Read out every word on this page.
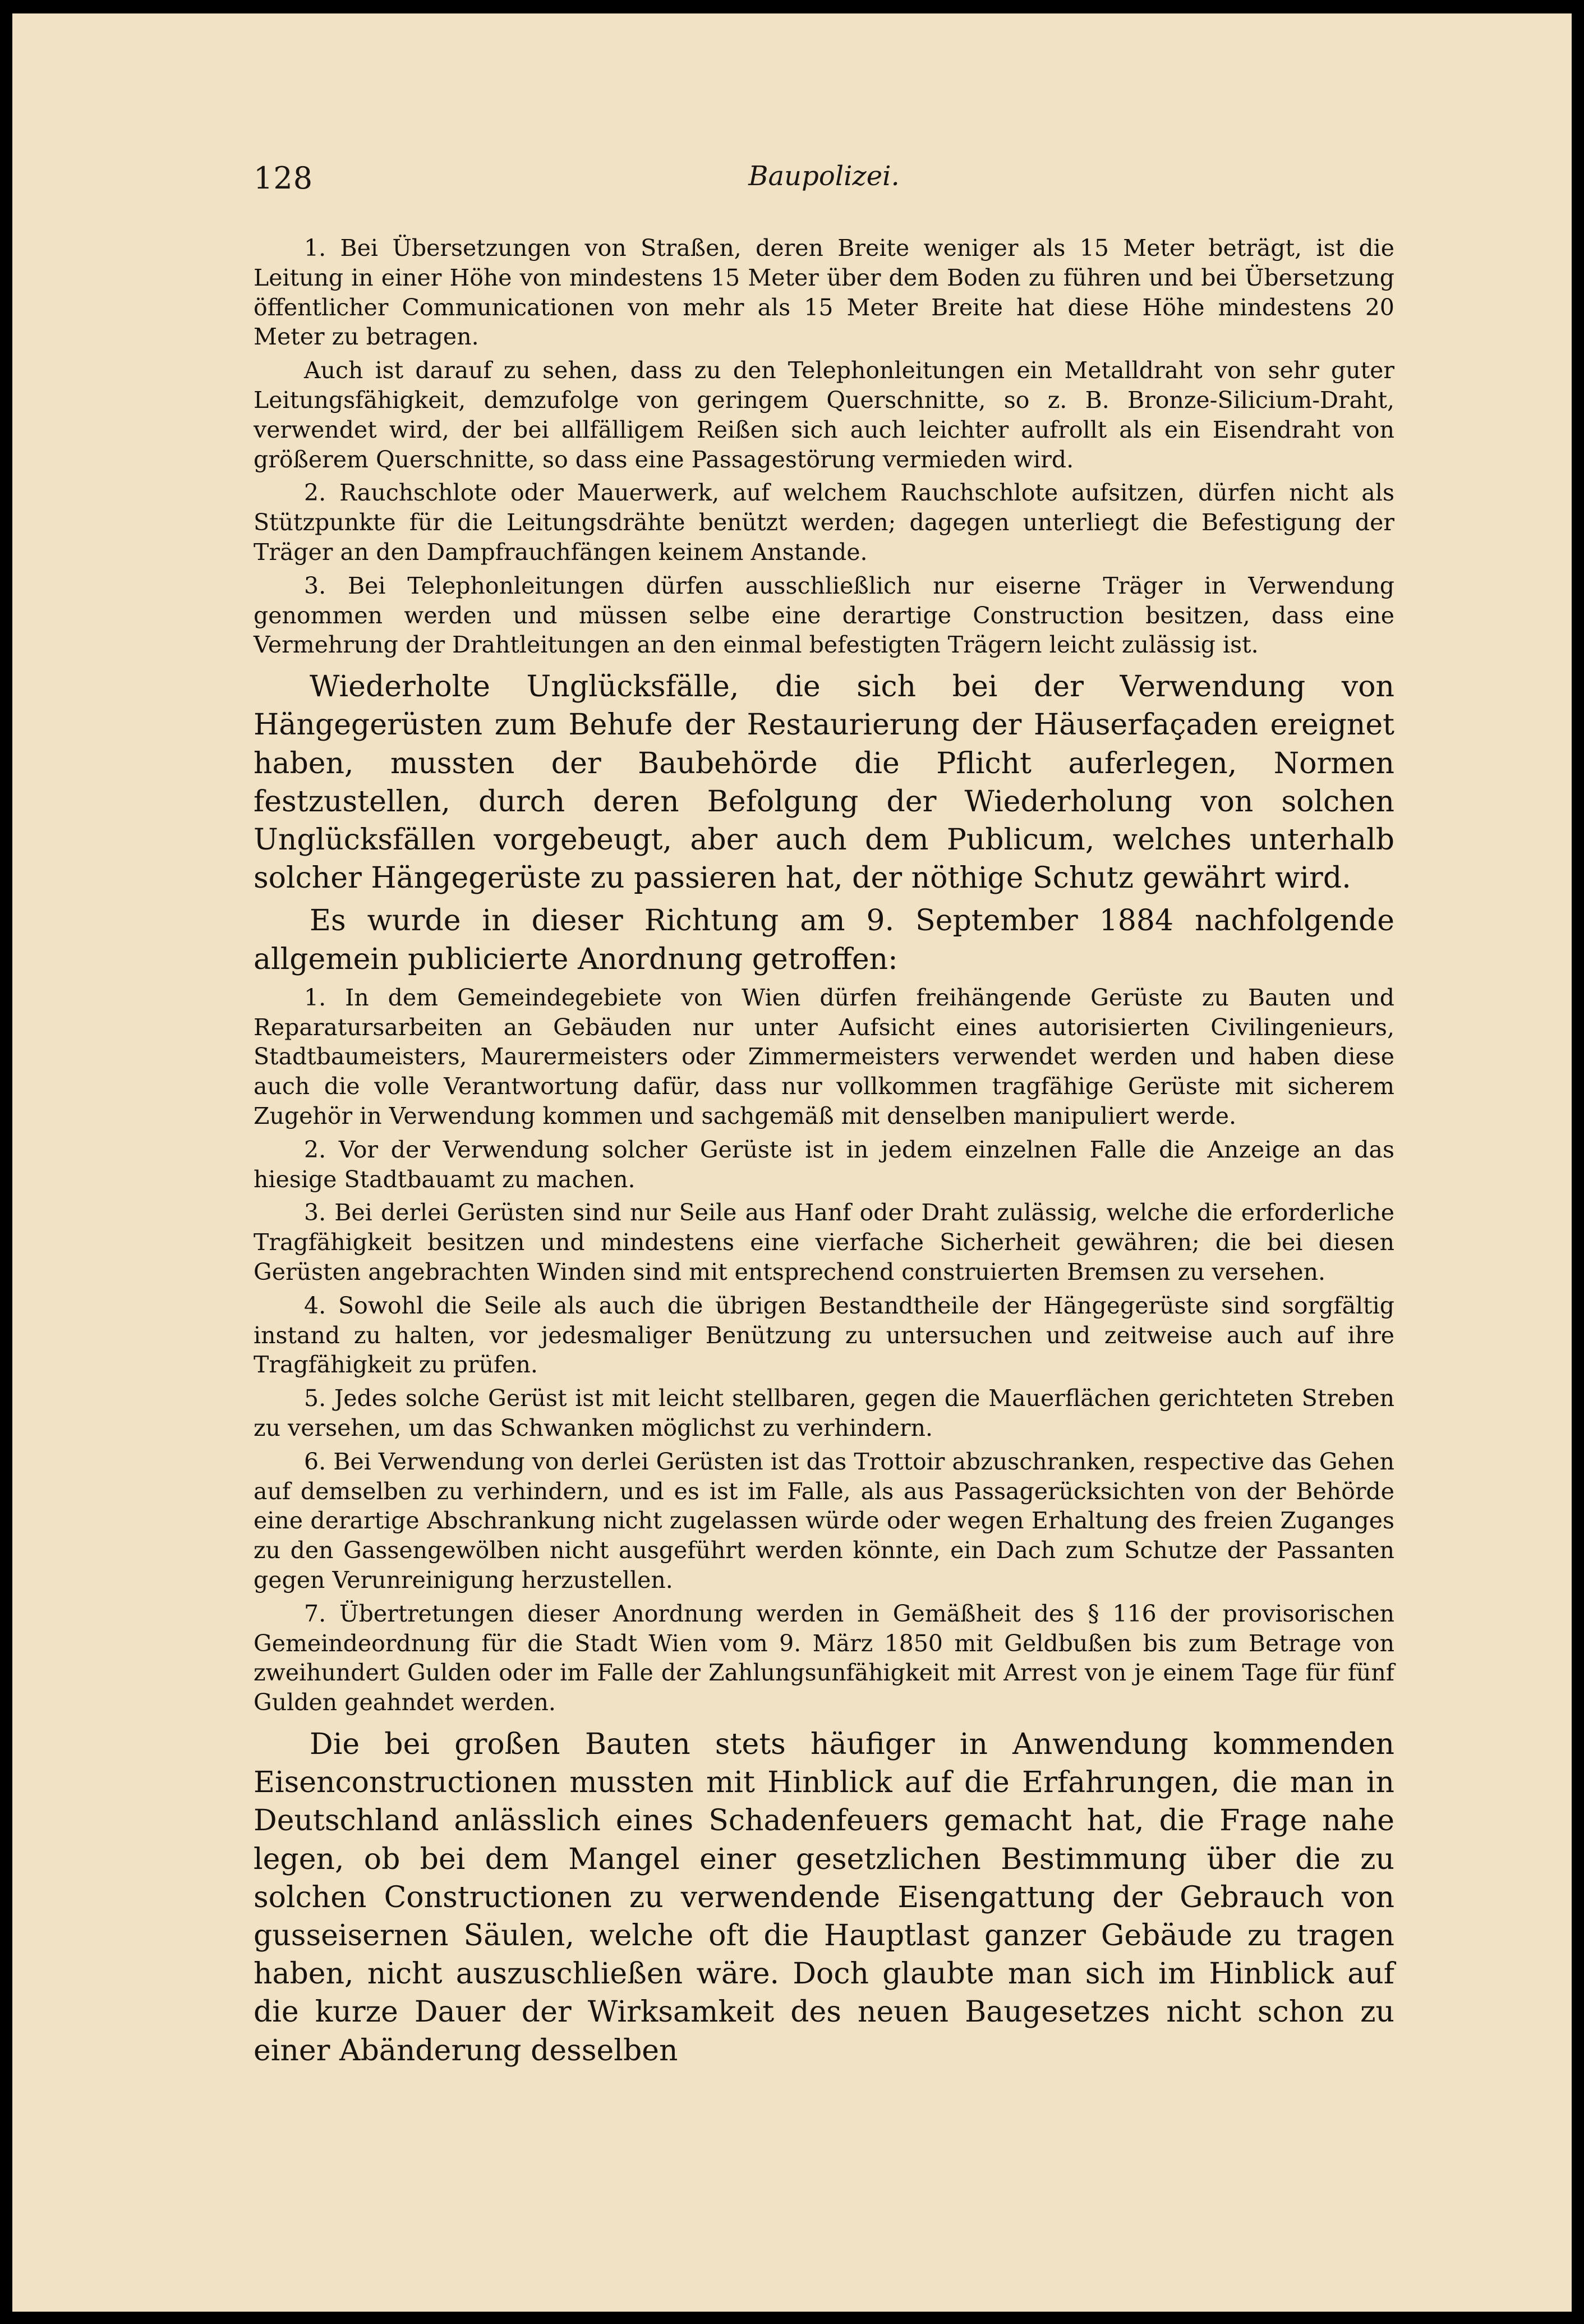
128	Baupolizei.

1. Bei Übersetzungen von Straßen, deren Breite weniger als 15 Meter beträgt, ist die Leitung in einer Höhe von mindestens 15 Meter über dem Boden zu führen und bei Übersetzung öffentlicher Communicationen von mehr als 15 Meter Breite hat diese Höhe mindestens 20 Meter zu betragen.

Auch ist darauf zu sehen, dass zu den Telephonleitungen ein Metalldraht von sehr guter Leitungsfähigkeit, demzufolge von geringem Querschnitte, so z. B. Bronze-Silicium-Draht, verwendet wird, der bei allfälligem Reißen sich auch leichter aufrollt als ein Eisendraht von größerem Querschnitte, so dass eine Passagestörung vermieden wird.

2. Rauchschlote oder Mauerwerk, auf welchem Rauchschlote aufsitzen, dürfen nicht als Stützpunkte für die Leitungsdrähte benützt werden; dagegen unterliegt die Befestigung der Träger an den Dampfrauchfängen keinem Anstande.

3. Bei Telephonleitungen dürfen ausschließlich nur eiserne Träger in Verwendung genommen werden und müssen selbe eine derartige Construction besitzen, dass eine Vermehrung der Drahtleitungen an den einmal befestigten Trägern leicht zulässig ist.

Wiederholte Unglücksfälle, die sich bei der Verwendung von Hängegerüsten zum Behufe der Restaurierung der Häuserfaçaden ereignet haben, mussten der Baubehörde die Pflicht auferlegen, Normen festzustellen, durch deren Befolgung der Wiederholung von solchen Unglücksfällen vorgebeugt, aber auch dem Publicum, welches unterhalb solcher Hängegerüste zu passieren hat, der nöthige Schutz gewährt wird.

Es wurde in dieser Richtung am 9. September 1884 nachfolgende allgemein publicierte Anordnung getroffen:

1. In dem Gemeindegebiete von Wien dürfen freihängende Gerüste zu Bauten und Reparatursarbeiten an Gebäuden nur unter Aufsicht eines autorisierten Civilingenieurs, Stadtbaumeisters, Maurermeisters oder Zimmermeisters verwendet werden und haben diese auch die volle Verantwortung dafür, dass nur vollkommen tragfähige Gerüste mit sicherem Zugehör in Verwendung kommen und sachgemäß mit denselben manipuliert werde.

2. Vor der Verwendung solcher Gerüste ist in jedem einzelnen Falle die Anzeige an das hiesige Stadtbauamt zu machen.

3. Bei derlei Gerüsten sind nur Seile aus Hanf oder Draht zulässig, welche die erforderliche Tragfähigkeit besitzen und mindestens eine vierfache Sicherheit gewähren; die bei diesen Gerüsten angebrachten Winden sind mit entsprechend construierten Bremsen zu versehen.

4. Sowohl die Seile als auch die übrigen Bestandtheile der Hängegerüste sind sorgfältig instand zu halten, vor jedesmaliger Benützung zu untersuchen und zeitweise auch auf ihre Tragfähigkeit zu prüfen.

5. Jedes solche Gerüst ist mit leicht stellbaren, gegen die Mauerflächen gerichteten Streben zu versehen, um das Schwanken möglichst zu verhindern.

6. Bei Verwendung von derlei Gerüsten ist das Trottoir abzuschranken, respective das Gehen auf demselben zu verhindern, und es ist im Falle, als aus Passagerücksichten von der Behörde eine derartige Abschrankung nicht zugelassen würde oder wegen Erhaltung des freien Zuganges zu den Gassengewölben nicht ausgeführt werden könnte, ein Dach zum Schutze der Passanten gegen Verunreinigung herzustellen.

7. Übertretungen dieser Anordnung werden in Gemäßheit des § 116 der provisorischen Gemeindeordnung für die Stadt Wien vom 9. März 1850 mit Geldbußen bis zum Betrage von zweihundert Gulden oder im Falle der Zahlungsunfähigkeit mit Arrest von je einem Tage für fünf Gulden geahndet werden.

Die bei großen Bauten stets häufiger in Anwendung kommenden Eisenconstructionen mussten mit Hinblick auf die Erfahrungen, die man in Deutschland anlässlich eines Schadenfeuers gemacht hat, die Frage nahe legen, ob bei dem Mangel einer gesetzlichen Bestimmung über die zu solchen Constructionen zu verwendende Eisengattung der Gebrauch von gusseisernen Säulen, welche oft die Hauptlast ganzer Gebäude zu tragen haben, nicht auszuschließen wäre. Doch glaubte man sich im Hinblick auf die kurze Dauer der Wirksamkeit des neuen Baugesetzes nicht schon zu einer Abänderung desselben
